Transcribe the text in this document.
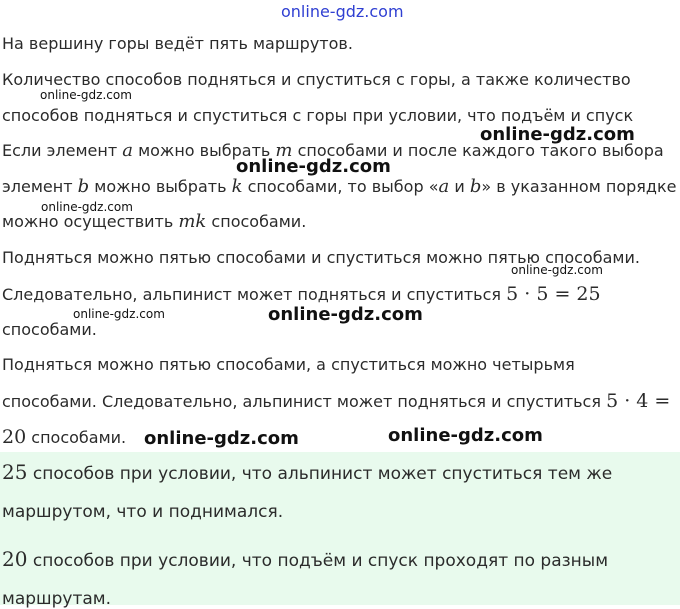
online-gdz.com
На вершину горы ведёт пять маршрутов.
Количество способов подняться и спуститься с горы, а также количество
способов подняться и спуститься с горы при условии, что подъём и спуск
Если элемент a можно выбрать m способами и после каждого такого выбора
элемент b можно выбрать k способами, то выбор «a и b» в указанном порядке
можно осуществить mk способами.
Подняться можно пятью способами и спуститься можно пятью способами.
Следовательно, альпинист может подняться и спуститься 5 · 5 = 25
способами.
Подняться можно пятью способами, а спуститься можно четырьмя
способами. Следовательно, альпинист может подняться и спуститься 5 · 4 =
20 способами.
25 способов при условии, что альпинист может спуститься тем же
маршрутом, что и поднимался.
20 способов при условии, что подъём и спуск проходят по разным
маршрутам.
online-gdz.com
online-gdz.com
online-gdz.com
online-gdz.com
online-gdz.com
online-gdz.com
online-gdz.com
online-gdz.com	online-gdz.com
